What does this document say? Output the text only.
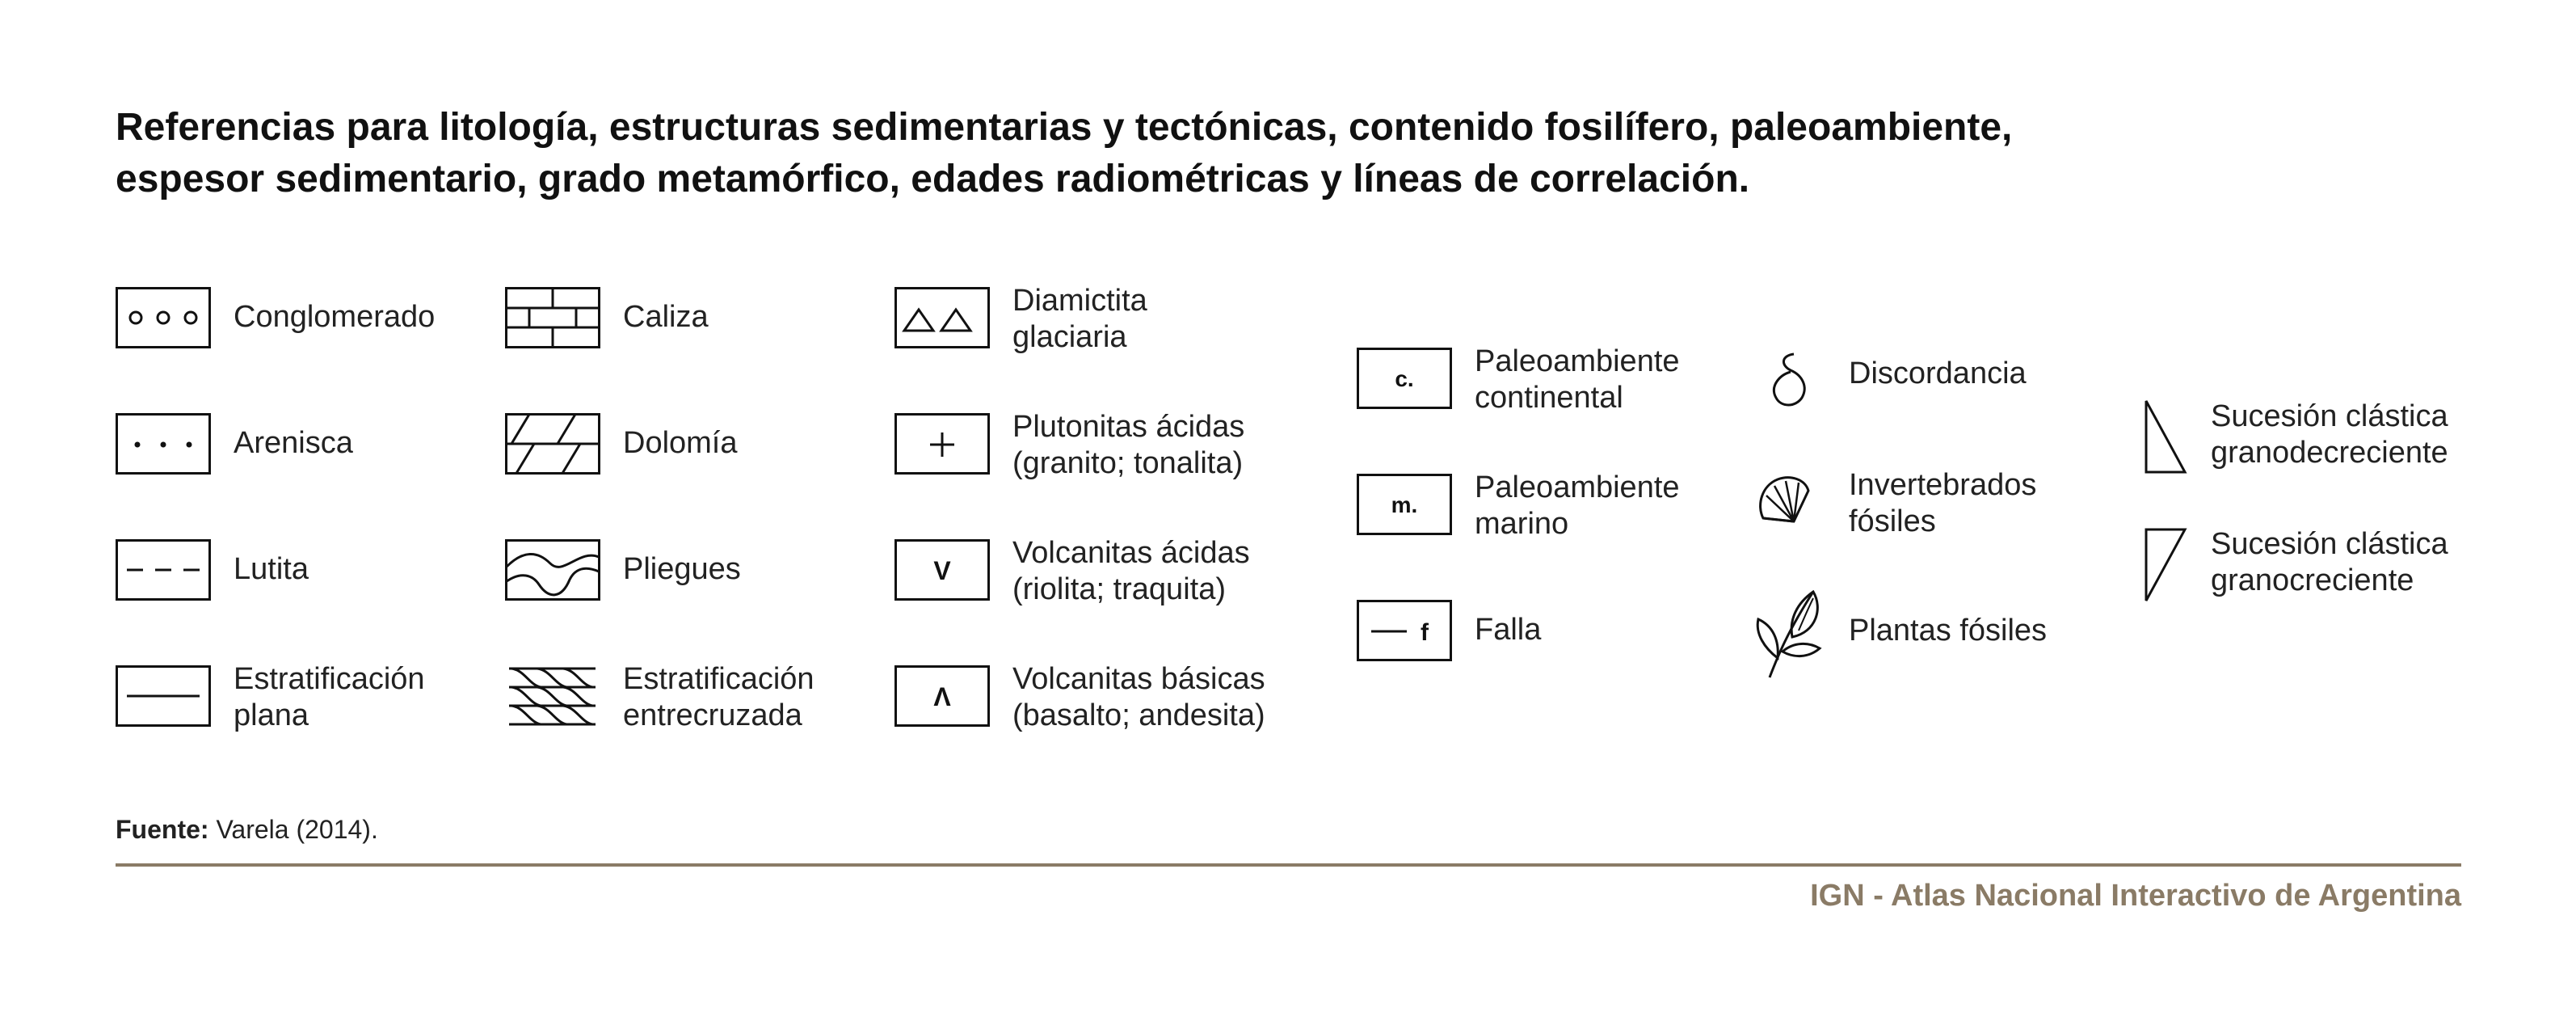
Referencias para litología, estructuras sedimentarias y tectónicas, contenido fosilífero, paleoambiente,
espesor sedimentario, grado metamórfico, edades radiométricas y líneas de correlación.
Conglomerado
Arenisca
Lutita
Estratificación
plana
Caliza
Dolomía
Pliegues
Estratificación
entrecruzada
Diamictita
glaciaria
Plutonitas ácidas
(granito; tonalita)
V
Volcanitas ácidas
(riolita; traquita)
Λ
Volcanitas básicas
(basalto; andesita)
c.
Paleoambiente
continental
m.
Paleoambiente
marino
f Falla
Discordancia
Invertebrados
fósiles
Plantas fósiles
Sucesión clástica
granodecreciente
Sucesión clástica
granocreciente
Fuente: Varela (2014).
IGN - Atlas Nacional Interactivo de Argentina
